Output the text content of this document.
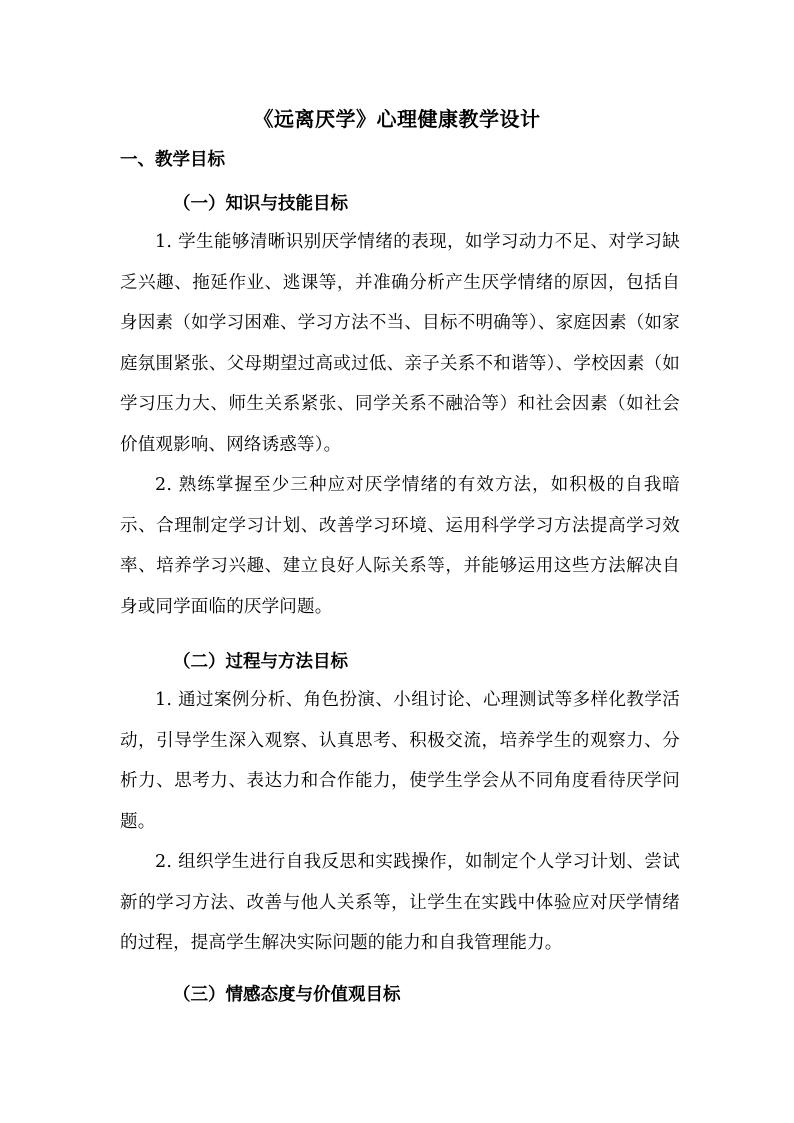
《远离厌学》心理健康教学设计
一、教学目标
（一）知识与技能目标

1. 学生能够清晰识别厌学情绪的表现，如学习动力不足、对学习缺乏兴趣、拖延作业、逃课等，并准确分析产生厌学情绪的原因，包括自身因素（如学习困难、学习方法不当、目标不明确等）、家庭因素（如家庭氛围紧张、父母期望过高或过低、亲子关系不和谐等）、学校因素（如学习压力大、师生关系紧张、同学关系不融洽等）和社会因素（如社会价值观影响、网络诱惑等）。

2. 熟练掌握至少三种应对厌学情绪的有效方法，如积极的自我暗示、合理制定学习计划、改善学习环境、运用科学学习方法提高学习效率、培养学习兴趣、建立良好人际关系等，并能够运用这些方法解决自身或同学面临的厌学问题。

（二）过程与方法目标

1. 通过案例分析、角色扮演、小组讨论、心理测试等多样化教学活动，引导学生深入观察、认真思考、积极交流，培养学生的观察力、分析力、思考力、表达力和合作能力，使学生学会从不同角度看待厌学问题。

2. 组织学生进行自我反思和实践操作，如制定个人学习计划、尝试新的学习方法、改善与他人关系等，让学生在实践中体验应对厌学情绪的过程，提高学生解决实际问题的能力和自我管理能力。

（三）情感态度与价值观目标
